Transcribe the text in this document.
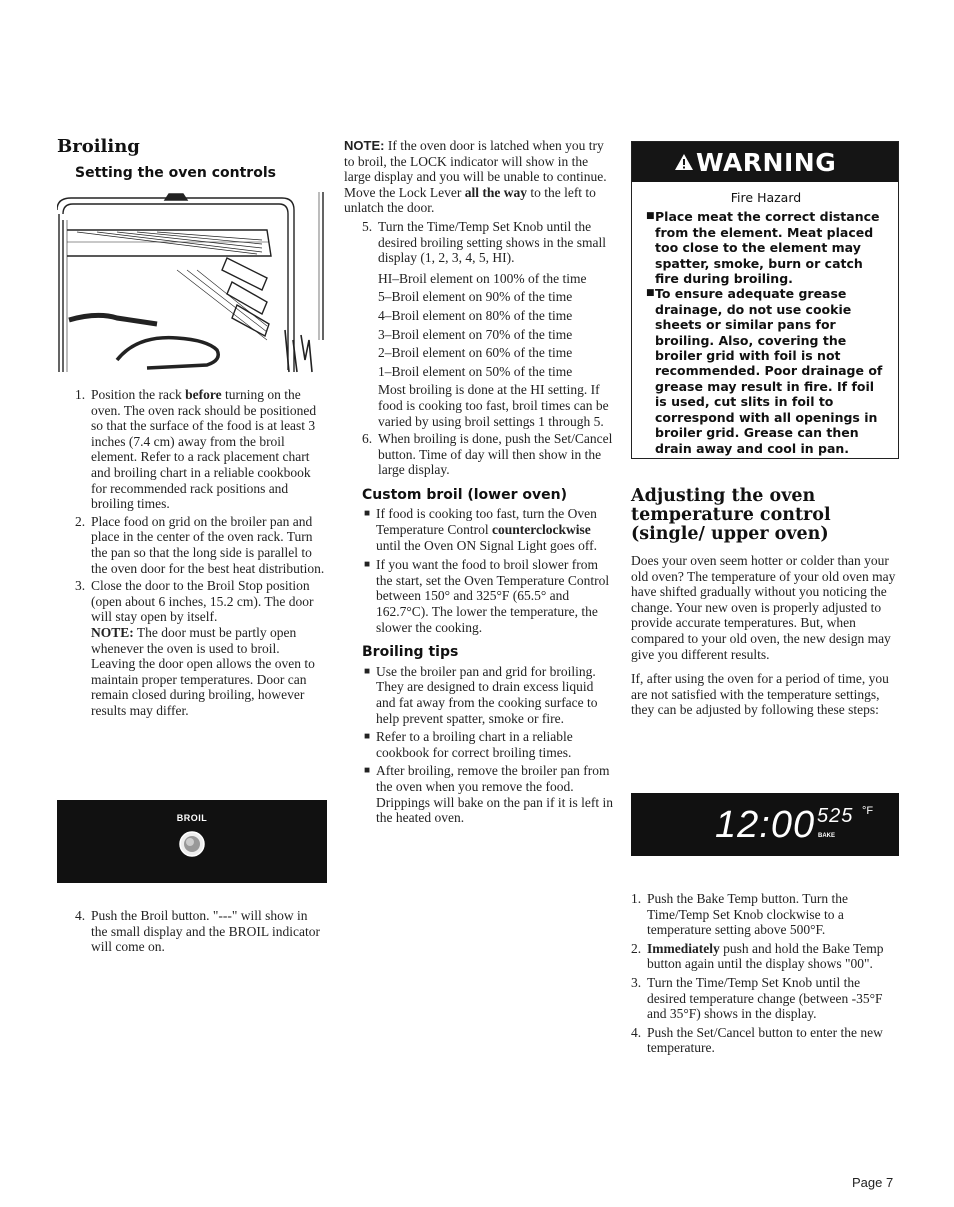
Broiling
Setting the oven controls
1. Position the rack before turning on the oven. The oven rack should be positioned so that the surface of the food is at least 3 inches (7.4 cm) away from the broil element. Refer to a rack placement chart and broiling chart in a reliable cookbook for recommended rack positions and broiling times.
2. Place food on grid on the broiler pan and place in the center of the oven rack. Turn the pan so that the long side is parallel to the oven door for the best heat distribution.
3. Close the door to the Broil Stop position (open about 6 inches, 15.2 cm). The door will stay open by itself.

NOTE: The door must be partly open whenever the oven is used to broil. Leaving the door open allows the oven to maintain proper temperatures. Door can remain closed during broiling, however results may differ.

BROIL
4. Push the Broil button. "---" will show in the small display and the BROIL indicator will come on.

NOTE: If the oven door is latched when you try to broil, the LOCK indicator will show in the large display and you will be unable to continue. Move the Lock Lever all the way to the left to unlatch the door.

5. Turn the Time/Temp Set Knob until the desired broiling setting shows in the small display (1, 2, 3, 4, 5, HI).

HI–Broil element on 100% of the time

5–Broil element on 90% of the time

4–Broil element on 80% of the time

3–Broil element on 70% of the time

2–Broil element on 60% of the time

1–Broil element on 50% of the time

Most broiling is done at the HI setting. If food is cooking too fast, broil times can be varied by using broil settings 1 through 5.

6. When broiling is done, push the Set/Cancel button. Time of day will then show in the large display.
Custom broil (lower oven)
■ If food is cooking too fast, turn the Oven Temperature Control counterclockwise until the Oven ON Signal Light goes off.
■ If you want the food to broil slower from the start, set the Oven Temperature Control between 150° and 325°F (65.5° and 162.7°C). The lower the temperature, the slower the cooking.
Broiling tips
■ Use the broiler pan and grid for broiling. They are designed to drain excess liquid and fat away from the cooking surface to help prevent spatter, smoke or fire.
■ Refer to a broiling chart in a reliable cookbook for correct broiling times.
■ After broiling, remove the broiler pan from the oven when you remove the food. Drippings will bake on the pan if it is left in the heated oven.
WARNING
Fire Hazard
■ Place meat the correct distance from the element. Meat placed too close to the element may spatter, smoke, burn or catch fire during broiling.
■ To ensure adequate grease drainage, do not use cookie sheets or similar pans for broiling. Also, covering the broiler grid with foil is not recommended. Poor drainage of grease may result in fire. If foil is used, cut slits in foil to correspond with all openings in broiler grid. Grease can then drain away and cool in pan.
Adjusting the oven temperature control (single/ upper oven)

Does your oven seem hotter or colder than your old oven? The temperature of your old oven may have shifted gradually without you noticing the change. Your new oven is properly adjusted to provide accurate temperatures. But, when compared to your old oven, the new design may give you different results.

If, after using the oven for a period of time, you are not satisfied with the temperature settings, they can be adjusted by following these steps:

12:00 525 °F
BAKE
1. Push the Bake Temp button. Turn the Time/Temp Set Knob clockwise to a temperature setting above 500°F.
2. Immediately push and hold the Bake Temp button again until the display shows "00".
3. Turn the Time/Temp Set Knob until the desired temperature change (between -35°F and 35°F) shows in the display.
4. Push the Set/Cancel button to enter the new temperature.
Page 7
